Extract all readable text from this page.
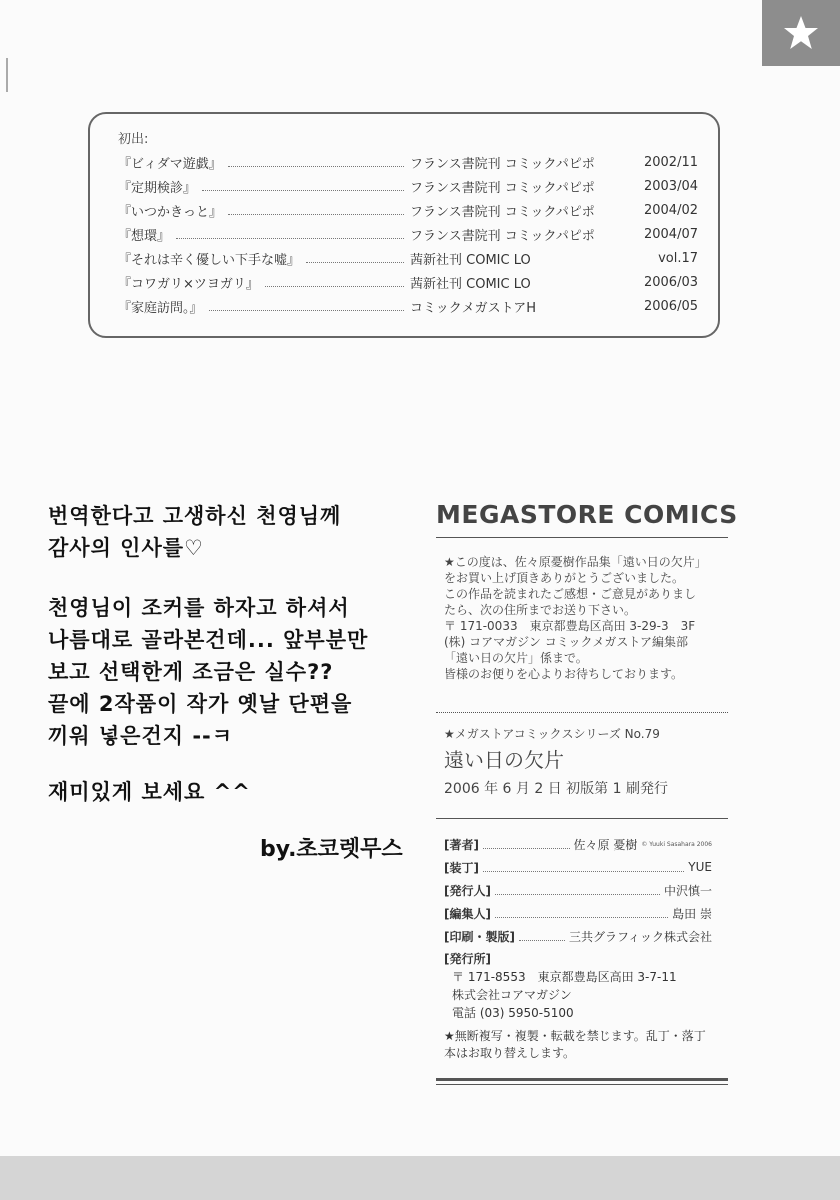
初出:
『ビィダマ遊戯』	フランス書院刊 コミックパピポ	2002/11
『定期検診』	フランス書院刊 コミックパピポ	2003/04
『いつかきっと』	フランス書院刊 コミックパピポ	2004/02
『想環』	フランス書院刊 コミックパピポ	2004/07
『それは辛く優しい下手な嘘』	茜新社刊 COMIC LO	vol.17
『コワガリ×ツヨガリ』	茜新社刊 COMIC LO	2006/03
『家庭訪問。』	コミックメガストアH	2006/05
번역한다고 고생하신 천영님께
감사의 인사를♡
천영님이 조커를 하자고 하셔서
나름대로 골라본건데... 앞부분만
보고 선택한게 조금은 실수??
끝에 2작품이 작가 옛날 단편을
끼워 넣은건지 --ㅋ
재미있게 보세요 ^^
by.초코렛무스
MEGASTORE COMICS

★この度は、佐々原憂樹作品集「遠い日の欠片」

をお買い上げ頂きありがとうございました。

この作品を読まれたご感想・ご意見がありまし

たら、次の住所までお送り下さい。

〒 171-0033　東京都豊島区高田 3-29-3　3F

(株) コアマガジン コミックメガストア編集部

「遠い日の欠片」係まで。

皆様のお便りを心よりお待ちしております。

★メガストアコミックスシリーズ No.79
遠い日の欠片
2006 年 6 月 2 日 初版第 1 刷発行
[著者]	佐々原 憂樹 © Yuuki Sasahara 2006
[装丁]	YUE
[発行人]	中沢慎一
[編集人]	島田 崇
[印刷・製版]	三共グラフィック株式会社
[発行所]
〒 171-8553　東京都豊島区高田 3-7-11
株式会社コアマガジン
電話 (03) 5950-5100

★無断複写・複製・転載を禁じます。乱丁・落丁

本はお取り替えします。
